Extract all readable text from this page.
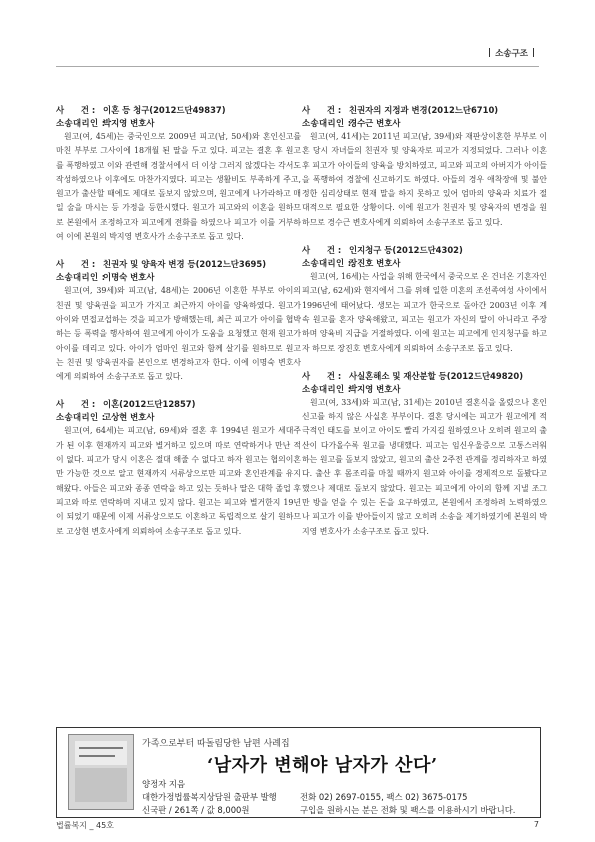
소송구조
사　　건 :이혼 등 청구(2012드단49837)
소송대리인 :박지영 변호사

원고(여, 45세)는 중국인으로 2009년 피고(남, 50세)와 혼인신고를 마친 부부로 그사이에 18개월 된 딸을 두고 있다. 피고는 결혼 후 원고를 폭행하였고 이와 관련해 경찰서에서 더 이상 그러지 않겠다는 각서도 작성하였으나 이후에도 마찬가지였다. 피고는 생활비도 부족하게 주고, 원고가 출산할 때에도 제대로 돌보지 않았으며, 원고에게 나가라하고 매일 술을 마시는 등 가정을 등한시했다. 원고가 피고와의 이혼을 원하므로 본원에서 조정하고자 피고에게 전화를 하였으나 피고가 이를 거부하여 이에 본원의 박지영 변호사가 소송구조로 돕고 있다.

사　　건 :친권자 및 양육자 변경 등(2012느단3695)
소송대리인 :이명숙 변호사

원고(여, 39세)와 피고(남, 48세)는 2006년 이혼한 부부로 아이의 친권 및 양육권을 피고가 가지고 최근까지 아이를 양육하였다. 원고가 아이와 면접교섭하는 것을 피고가 방해했는데, 최근 피고가 아이를 협박하는 등 폭력을 행사하여 원고에게 아이가 도움을 요청했고 현재 원고가 아이를 데리고 있다. 아이가 엄마인 원고와 함께 살기를 원하므로 원고는 친권 및 양육권자를 본인으로 변경하고자 한다. 이에 이명숙 변호사에게 의뢰하여 소송구조로 돕고 있다.

사　　건 :이혼(2012드단12857)
소송대리인 :고상현 변호사

원고(여, 64세)는 피고(남, 69세)와 결혼 후 1994년 원고가 세대주가 된 이후 현재까지 피고와 별거하고 있으며 따로 연락하거나 만난 적이 없다. 피고가 당시 이혼은 절대 해줄 수 없다고 하자 원고는 협의이혼만 가능한 것으로 알고 현재까지 서류상으로만 피고와 혼인관계를 유지해왔다. 아들은 피고와 종종 연락을 하고 있는 듯하나 딸은 대학 졸업 후 피고와 따로 연락하며 지내고 있지 않다. 원고는 피고와 별거한지 19년이 되었기 때문에 이제 서류상으로도 이혼하고 독립적으로 살기 원하므로 고상현 변호사에게 의뢰하여 소송구조로 돕고 있다.

사　　건 :친권자의 지정과 변경(2012느단6710)
소송대리인 :경수근 변호사

원고(여, 41세)는 2011년 피고(남, 39세)와 재판상이혼한 부부로 이혼 당시 자녀들의 친권자 및 양육자로 피고가 지정되었다. 그러나 이혼 후 피고가 아이들의 양육을 방치하였고, 피고와 피고의 아버지가 아이들을 폭행하여 경찰에 신고하기도 하였다. 아들의 경우 애착장애 및 불안정한 심리상태로 현재 말을 하지 못하고 있어 엄마의 양육과 치료가 절대적으로 필요한 상황이다. 이에 원고가 친권자 및 양육자의 변경을 원하므로 경수근 변호사에게 의뢰하여 소송구조로 돕고 있다.

사　　건 :인지청구 등(2012드단4302)
소송대리인 :장진호 변호사

원고(여, 16세)는 사업을 위해 한국에서 중국으로 온 건너온 기혼자인 피고(남, 62세)와 현지에서 그를 위해 일한 미혼의 조선족여성 사이에서 1996년에 태어났다. 생모는 피고가 한국으로 돌아간 2003년 이후 계속 원고를 혼자 양육해왔고, 피고는 원고가 자신의 딸이 아니라고 주장하며 양육비 지급을 거절하였다. 이에 원고는 피고에게 인지청구를 하고자 하므로 장진호 변호사에게 의뢰하여 소송구조로 돕고 있다.

사　　건 :사실혼해소 및 재산분할 등(2012드단49820)
소송대리인 :박지영 변호사

원고(여, 33세)와 피고(남, 31세)는 2010년 결혼식을 올렸으나 혼인신고를 하지 않은 사실혼 부부이다. 결혼 당시에는 피고가 원고에게 적극적인 태도를 보이고 아이도 빨리 가지길 원하였으나 오히려 원고의 출산이 다가올수록 원고를 냉대했다. 피고는 임신우울증으로 고통스러워 하는 원고를 돌보지 않았고, 원고의 출산 2주전 관계를 정리하자고 하였다. 출산 후 몸조리를 마칠 때까지 원고와 아이를 경제적으로 돌봤다고 했으나 제대로 돌보지 않았다. 원고는 피고에게 아이의 함께 지낼 조그만 방을 얻을 수 있는 돈을 요구하였고, 본원에서 조정하려 노력하였으나 피고가 이를 받아들이지 않고 오히려 소송을 제기하였기에 본원의 박지영 변호사가 소송구조로 돕고 있다.

가족으로부터 따돌림당한 남편 사례집
‘남자가 변해야 남자가 산다’
양정자 지음
대한가정법률복지상담원 출판부 발행
신국판 / 261쪽 / 값 8,000원
전화 02) 2697-0155, 팩스 02) 3675-0175
구입을 원하시는 분은 전화 및 팩스를 이용하시기 바랍니다.
법률복지 _ 45호	7
